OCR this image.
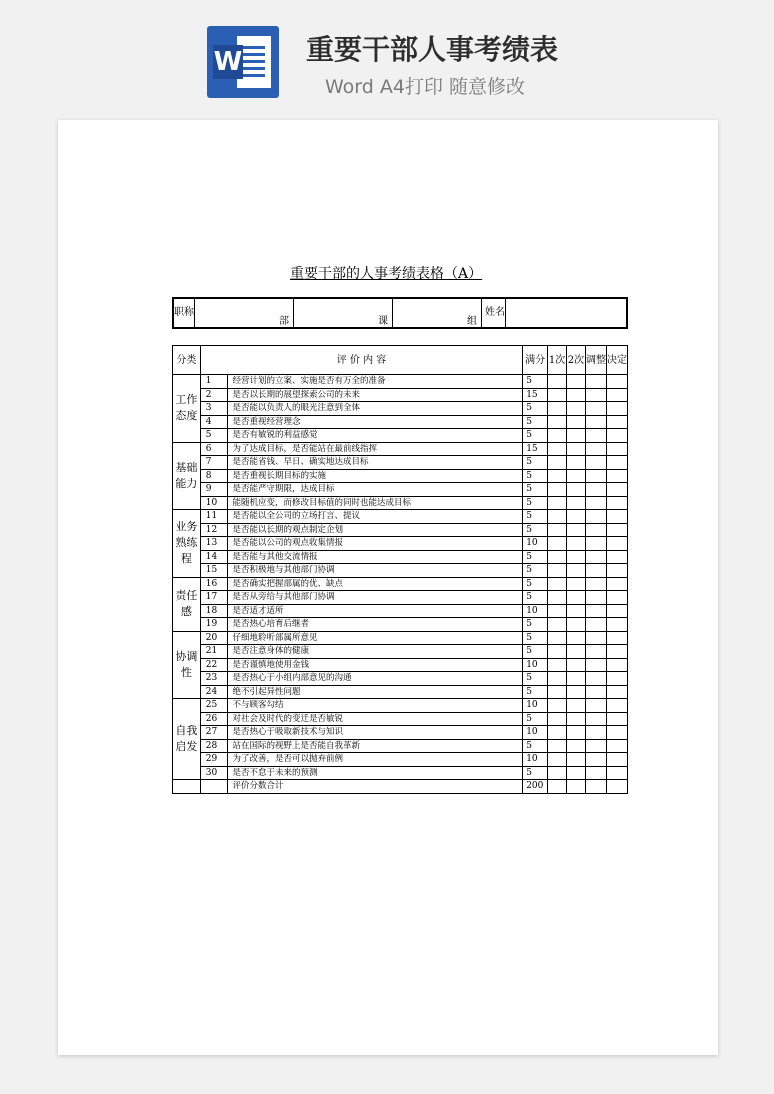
W 重要干部人事考绩表
Word A4打印 随意修改
重要干部的人事考绩表格（A）
职称	部	课	组	姓名	
分类	评 价 内 容		满分	1次	2次	调整	决定
工作态度	1	经营计划的立案、实施是否有万全的准备	5				
	2	是否以长期的展望探索公司的未来	15				
	3	是否能以负责人的眼光注意到全体	5				
	4	是否重视经营理念	5				
	5	是否有敏锐的利益感觉	5				
基础能力	6	为了达成目标，是否能站在最前线指挥	15				
	7	是否能省钱、早日、确实地达成目标	5				
	8	是否重视长期目标的实施	5				
	9	是否能严守期限，达成目标	5				
	10	能随机应变，而修改目标值的同时也能达成目标	5				
业务熟练程	11	是否能以全公司的立场打言、提议	5				
	12	是否能以长期的观点制定企划	5				
	13	是否能以公司的观点收集情报	10				
	14	是否能与其他交流情报	5				
	15	是否积极地与其他部门协调	5				
责任感	16	是否确实把握部属的优、缺点	5				
	17	是否从旁给与其他部门协调	5				
	18	是否适才适所	10				
	19	是否热心培育后继者	5				
协调性	20	仔细地聆听部属所意见	5				
	21	是否注意身体的健康	5				
	22	是否谨慎地使用金钱	10				
	23	是否热心于小组内部意见的沟通	5				
	24	绝不引起异性问题	5				
自我启发	25	不与顾客勾结	10				
	26	对社会及时代的变迁是否敏锐	5				
	27	是否热心于吸取新技术与知识	10				
	28	站在国际的视野上是否能自我革新	5				
	29	为了改善，是否可以抛弃前例	10				
	30	是否不怠于未来的预测	5				
		评价分数合计	200				
